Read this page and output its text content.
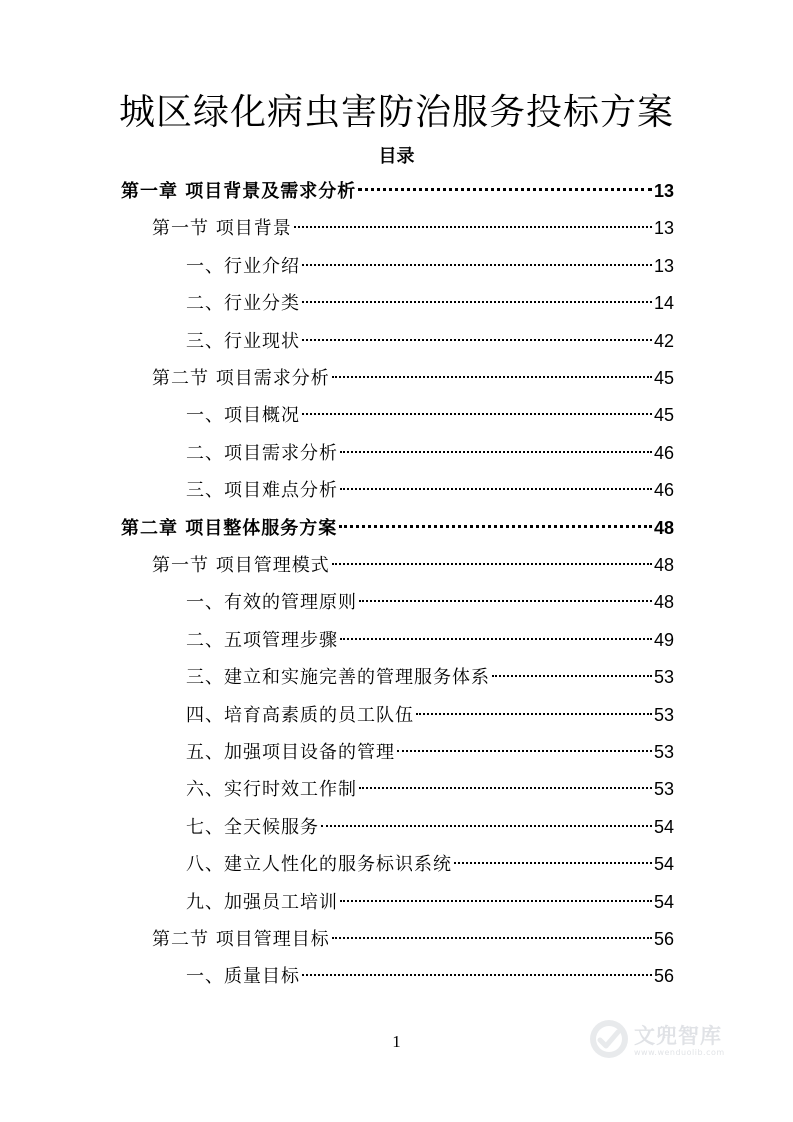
城区绿化病虫害防治服务投标方案
目录
第一章 项目背景及需求分析	13
第一节 项目背景	13
一、行业介绍	13
二、行业分类	14
三、行业现状	42
第二节 项目需求分析	45
一、项目概况	45
二、项目需求分析	46
三、项目难点分析	46
第二章 项目整体服务方案	48
第一节 项目管理模式	48
一、有效的管理原则	48
二、五项管理步骤	49
三、建立和实施完善的管理服务体系	53
四、培育高素质的员工队伍	53
五、加强项目设备的管理	53
六、实行时效工作制	53
七、全天候服务	54
八、建立人性化的服务标识系统	54
九、加强员工培训	54
第二节 项目管理目标	56
一、质量目标	56
1	文兜智库
www.wenduolib.com
